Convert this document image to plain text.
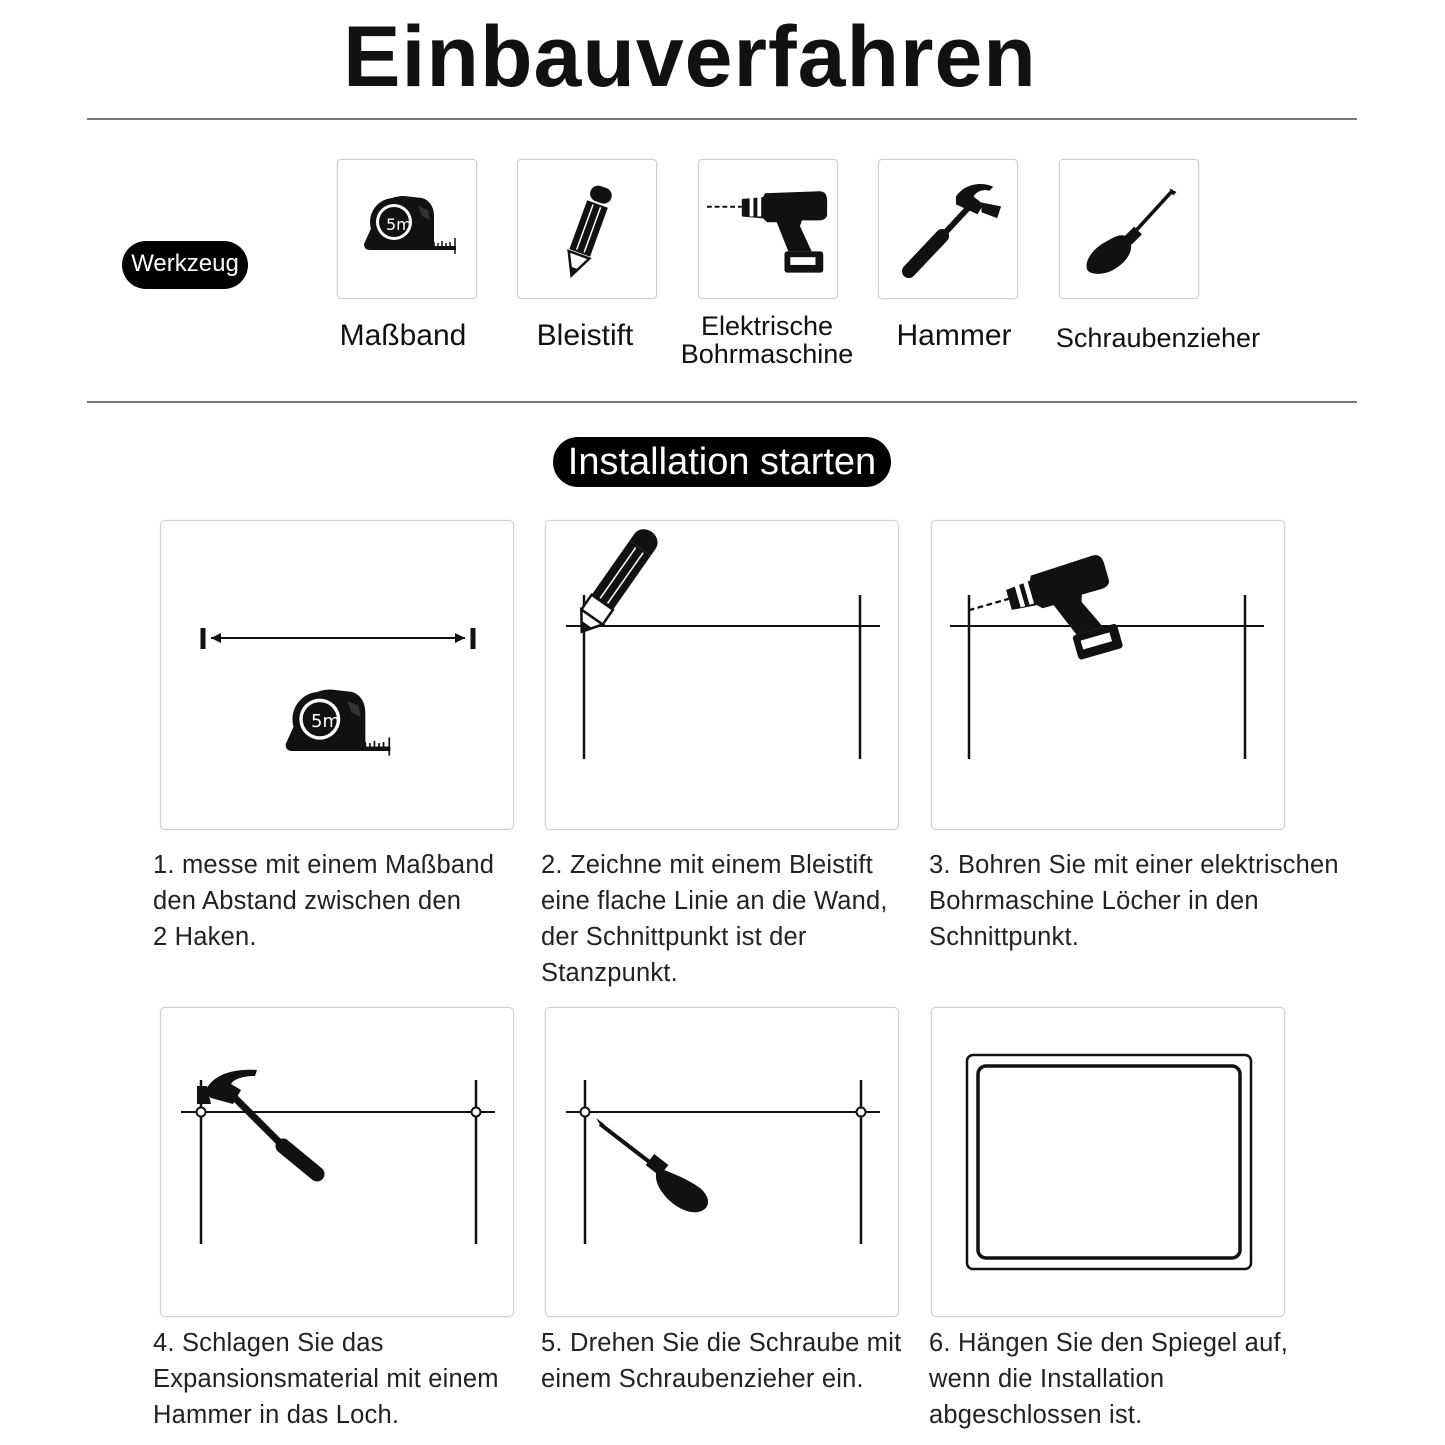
Einbauverfahren
Werkzeug
5m
Maßband	Bleistift	Elektrische
Bohrmaschine
Hammer	Schraubenzieher
Installation starten
5m
1. messe mit einem Maßband
den Abstand zwischen den
2 Haken.
2. Zeichne mit einem Bleistift
eine flache Linie an die Wand,
der Schnittpunkt ist der
Stanzpunkt.
3. Bohren Sie mit einer elektrischen
Bohrmaschine Löcher in den
Schnittpunkt.
4. Schlagen Sie das
Expansionsmaterial mit einem
Hammer in das Loch.
5. Drehen Sie die Schraube mit
einem Schraubenzieher ein.
6. Hängen Sie den Spiegel auf,
wenn die Installation
abgeschlossen ist.
